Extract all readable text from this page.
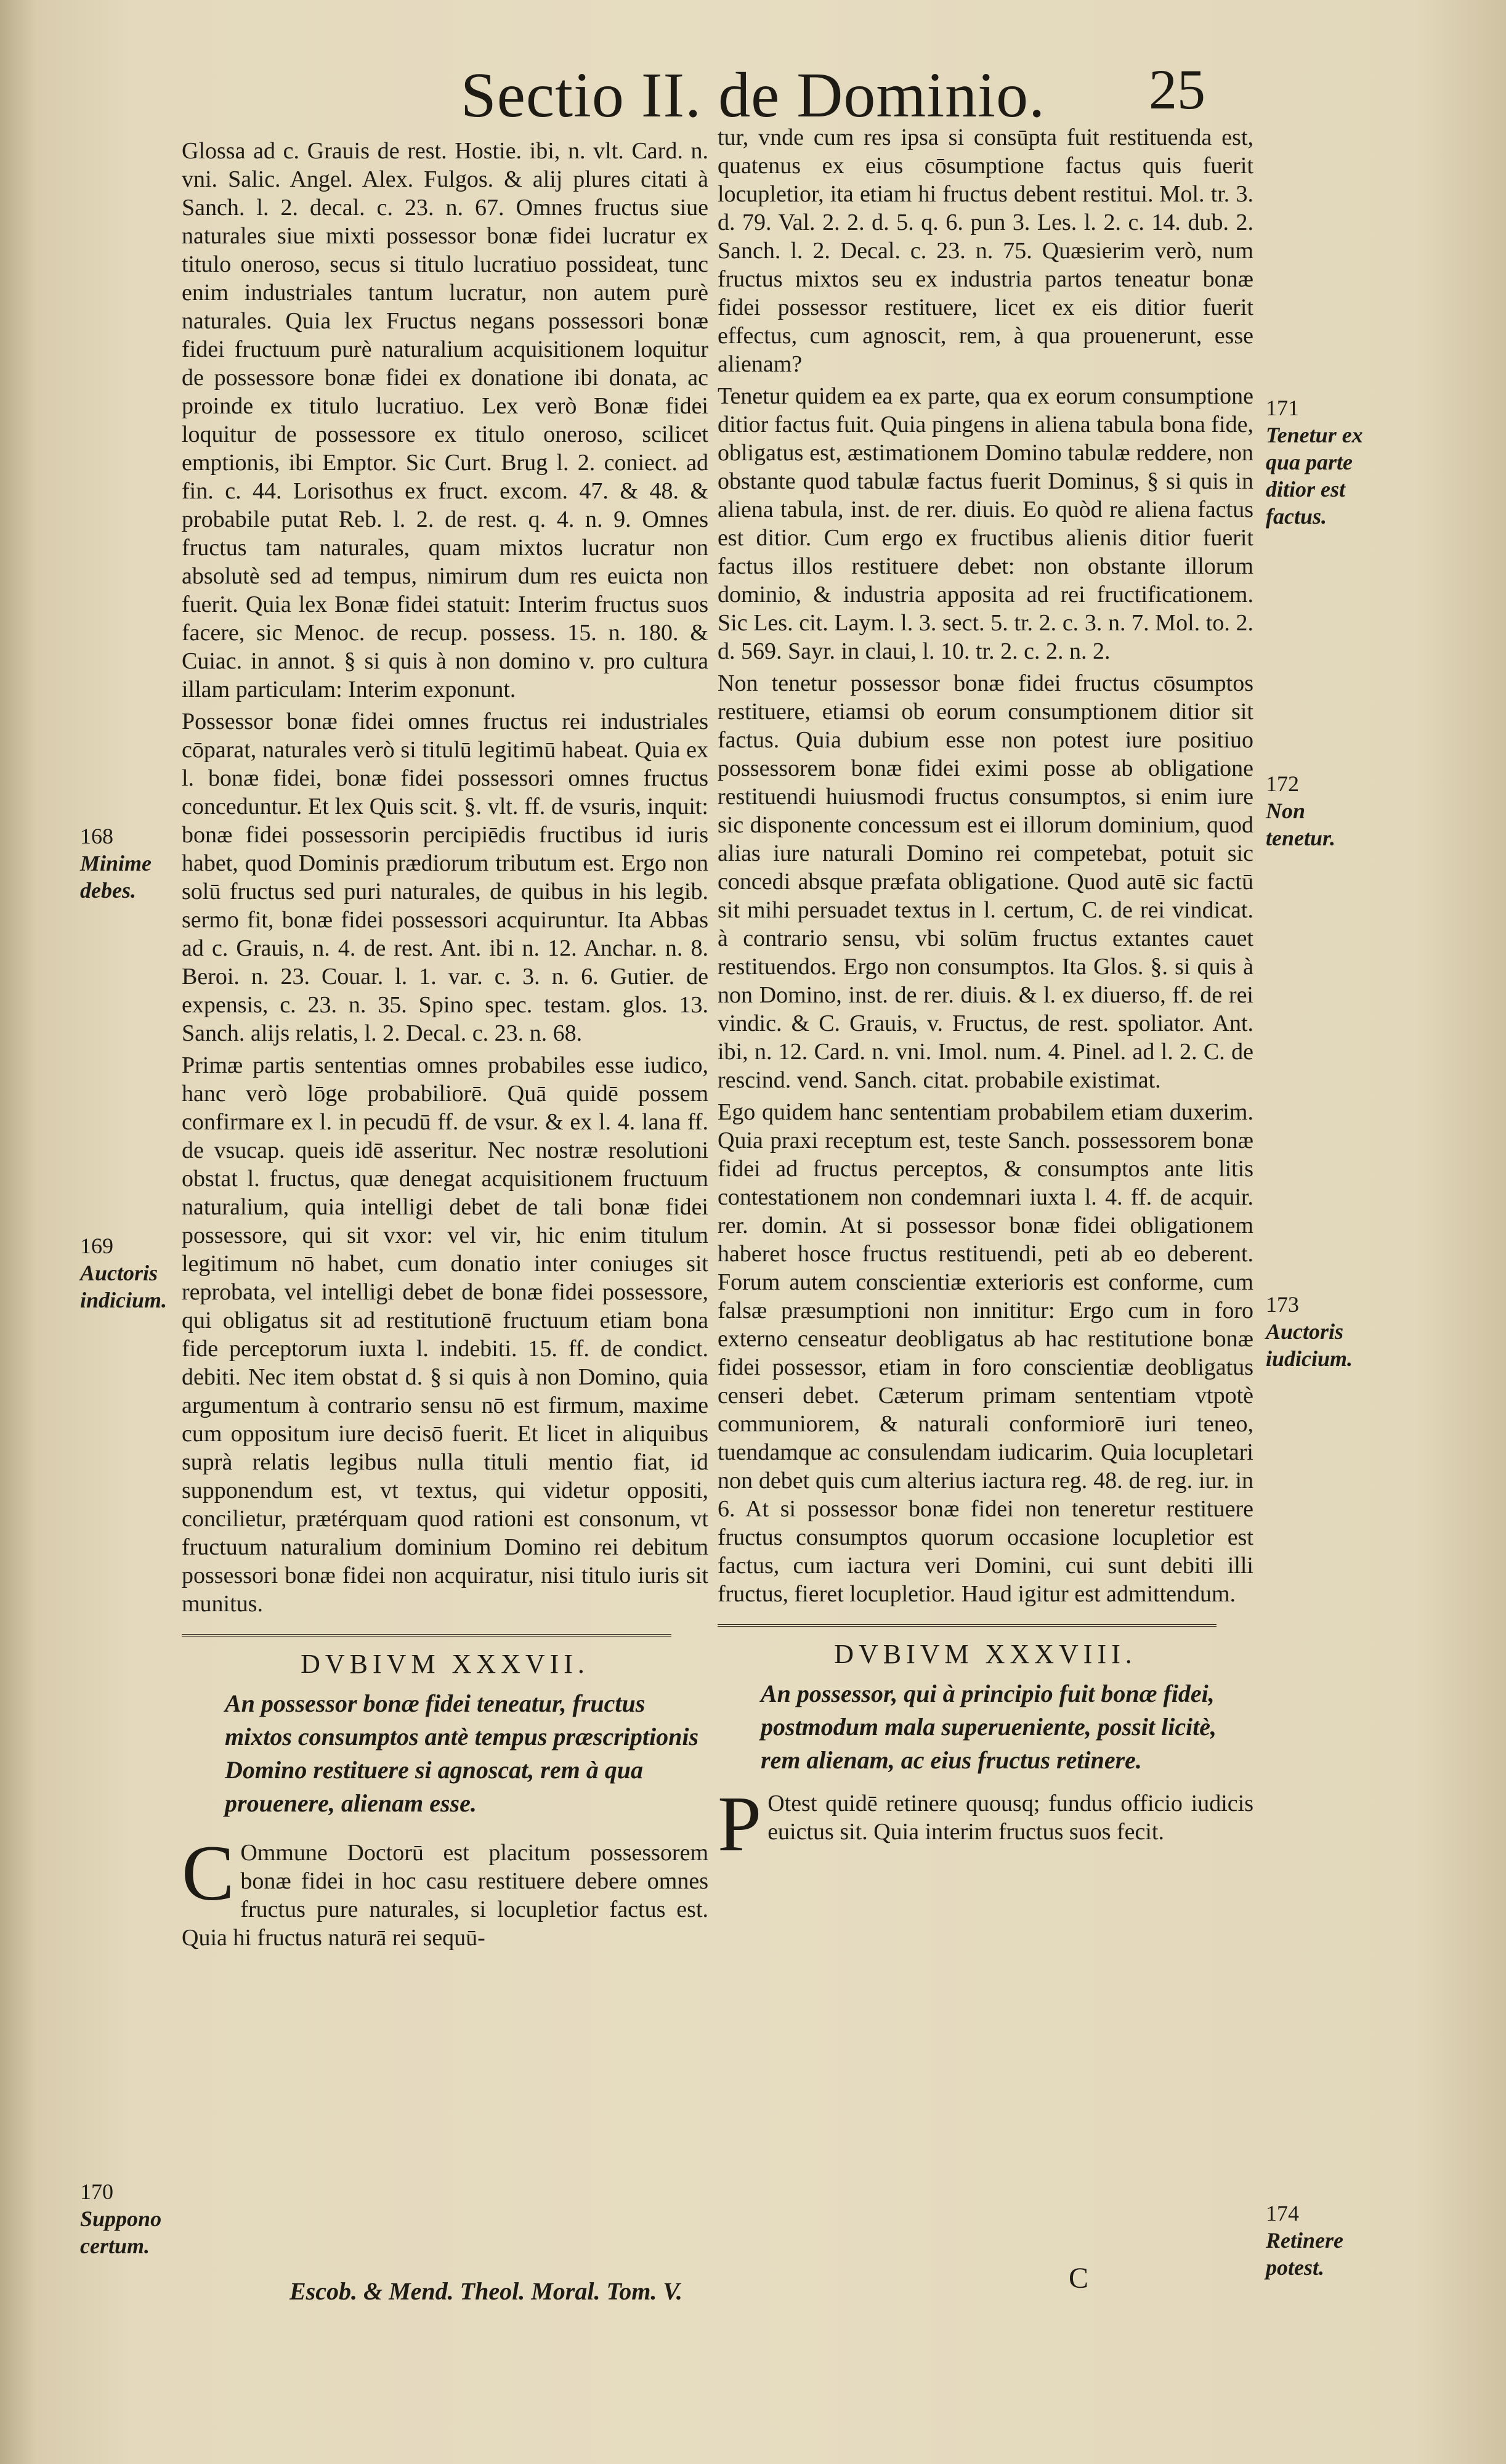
Sectio II. de Dominio.	25

Glossa ad c. Grauis de rest. Hostie. ibi, n. vlt. Card. n. vni. Salic. Angel. Alex. Fulgos. & alij plures citati à Sanch. l. 2. decal. c. 23. n. 67. Omnes fructus siue naturales siue mixti possessor bonæ fidei lucratur ex titulo oneroso, secus si titulo lucratiuo possideat, tunc enim industriales tantum lucratur, non autem purè naturales. Quia lex Fructus negans possessori bonæ fidei fructuum purè naturalium acquisitionem loquitur de possessore bonæ fidei ex donatione ibi donata, ac proinde ex titulo lucratiuo. Lex verò Bonæ fidei loquitur de possessore ex titulo oneroso, scilicet emptionis, ibi Emptor. Sic Curt. Brug l. 2. coniect. ad fin. c. 44. Lorisothus ex fruct. excom. 47. & 48. & probabile putat Reb. l. 2. de rest. q. 4. n. 9. Omnes fructus tam naturales, quam mixtos lucratur non absolutè sed ad tempus, nimirum dum res euicta non fuerit. Quia lex Bonæ fidei statuit: Interim fructus suos facere, sic Menoc. de recup. possess. 15. n. 180. & Cuiac. in annot. § si quis à non domino v. pro cultura illam particulam: Interim exponunt.

Possessor bonæ fidei omnes fructus rei industriales cōparat, naturales verò si titulū legitimū habeat. Quia ex l. bonæ fidei, bonæ fidei possessori omnes fructus conceduntur. Et lex Quis scit. §. vlt. ff. de vsuris, inquit: bonæ fidei possessorin percipiēdis fructibus id iuris habet, quod Dominis prædiorum tributum est. Ergo non solū fructus sed puri naturales, de quibus in his legib. sermo fit, bonæ fidei possessori acquiruntur. Ita Abbas ad c. Grauis, n. 4. de rest. Ant. ibi n. 12. Anchar. n. 8. Beroi. n. 23. Couar. l. 1. var. c. 3. n. 6. Gutier. de expensis, c. 23. n. 35. Spino spec. testam. glos. 13. Sanch. alijs relatis, l. 2. Decal. c. 23. n. 68.

Primæ partis sententias omnes probabiles esse iudico, hanc verò lōge probabiliorē. Quā quidē possem confirmare ex l. in pecudū ff. de vsur. & ex l. 4. lana ff. de vsucap. queis idē asseritur. Nec nostræ resolutioni obstat l. fructus, quæ denegat acquisitionem fructuum naturalium, quia intelligi debet de tali bonæ fidei possessore, qui sit vxor: vel vir, hic enim titulum legitimum nō habet, cum donatio inter coniuges sit reprobata, vel intelligi debet de bonæ fidei possessore, qui obligatus sit ad restitutionē fructuum etiam bona fide perceptorum iuxta l. indebiti. 15. ff. de condict. debiti. Nec item obstat d. § si quis à non Domino, quia argumentum à contrario sensu nō est firmum, maxime cum oppositum iure decisō fuerit. Et licet in aliquibus suprà relatis legibus nulla tituli mentio fiat, id supponendum est, vt textus, qui videtur oppositi, concilietur, prætérquam quod rationi est consonum, vt fructuum naturalium dominium Domino rei debitum possessori bonæ fidei non acquiratur, nisi titulo iuris sit munitus.

DVBIVM XXXVII.
An possessor bonæ fidei teneatur, fructus mixtos consumptos antè tempus præscriptionis Domino restituere si agnoscat, rem à qua prouenere, alienam esse.

C Ommune Doctorū est placitum possessorem bonæ fidei in hoc casu restituere debere omnes fructus pure naturales, si locupletior factus est. Quia hi fructus naturā rei sequū-

tur, vnde cum res ipsa si consūpta fuit restituenda est, quatenus ex eius cōsumptione factus quis fuerit locupletior, ita etiam hi fructus debent restitui. Mol. tr. 3. d. 79. Val. 2. 2. d. 5. q. 6. pun 3. Les. l. 2. c. 14. dub. 2. Sanch. l. 2. Decal. c. 23. n. 75. Quæsierim verò, num fructus mixtos seu ex industria partos teneatur bonæ fidei possessor restituere, licet ex eis ditior fuerit effectus, cum agnoscit, rem, à qua prouenerunt, esse alienam?

Tenetur quidem ea ex parte, qua ex eorum consumptione ditior factus fuit. Quia pingens in aliena tabula bona fide, obligatus est, æstimationem Domino tabulæ reddere, non obstante quod tabulæ factus fuerit Dominus, § si quis in aliena tabula, inst. de rer. diuis. Eo quòd re aliena factus est ditior. Cum ergo ex fructibus alienis ditior fuerit factus illos restituere debet: non obstante illorum dominio, & industria apposita ad rei fructificationem. Sic Les. cit. Laym. l. 3. sect. 5. tr. 2. c. 3. n. 7. Mol. to. 2. d. 569. Sayr. in claui, l. 10. tr. 2. c. 2. n. 2.

Non tenetur possessor bonæ fidei fructus cōsumptos restituere, etiamsi ob eorum consumptionem ditior sit factus. Quia dubium esse non potest iure positiuo possessorem bonæ fidei eximi posse ab obligatione restituendi huiusmodi fructus consumptos, si enim iure sic disponente concessum est ei illorum dominium, quod alias iure naturali Domino rei competebat, potuit sic concedi absque præfata obligatione. Quod autē sic factū sit mihi persuadet textus in l. certum, C. de rei vindicat. à contrario sensu, vbi solūm fructus extantes cauet restituendos. Ergo non consumptos. Ita Glos. §. si quis à non Domino, inst. de rer. diuis. & l. ex diuerso, ff. de rei vindic. & C. Grauis, v. Fructus, de rest. spoliator. Ant. ibi, n. 12. Card. n. vni. Imol. num. 4. Pinel. ad l. 2. C. de rescind. vend. Sanch. citat. probabile existimat.

Ego quidem hanc sententiam probabilem etiam duxerim. Quia praxi receptum est, teste Sanch. possessorem bonæ fidei ad fructus perceptos, & consumptos ante litis contestationem non condemnari iuxta l. 4. ff. de acquir. rer. domin. At si possessor bonæ fidei obligationem haberet hosce fructus restituendi, peti ab eo deberent. Forum autem conscientiæ exterioris est conforme, cum falsæ præsumptioni non innititur: Ergo cum in foro externo censeatur deobligatus ab hac restitutione bonæ fidei possessor, etiam in foro conscientiæ deobligatus censeri debet. Cæterum primam sententiam vtpotè communiorem, & naturali conformiorē iuri teneo, tuendamque ac consulendam iudicarim. Quia locupletari non debet quis cum alterius iactura reg. 48. de reg. iur. in 6. At si possessor bonæ fidei non teneretur restituere fructus consumptos quorum occasione locupletior est factus, cum iactura veri Domini, cui sunt debiti illi fructus, fieret locupletior. Haud igitur est admittendum.

DVBIVM XXXVIII.
An possessor, qui à principio fuit bonæ fidei, postmodum mala superueniente, possit licitè, rem alienam, ac eius fructus retinere.

P Otest quidē retinere quousq; fundus officio iudicis euictus sit. Quia interim fructus suos fecit.

168
Minime debes.
169
Auctoris indicium.
170
Suppono certum.
171
Tenetur ex qua parte ditior est factus.
172
Non tenetur.
173
Auctoris iudicium.
174
Retinere potest.
Escob. & Mend. Theol. Moral. Tom. V.	C
